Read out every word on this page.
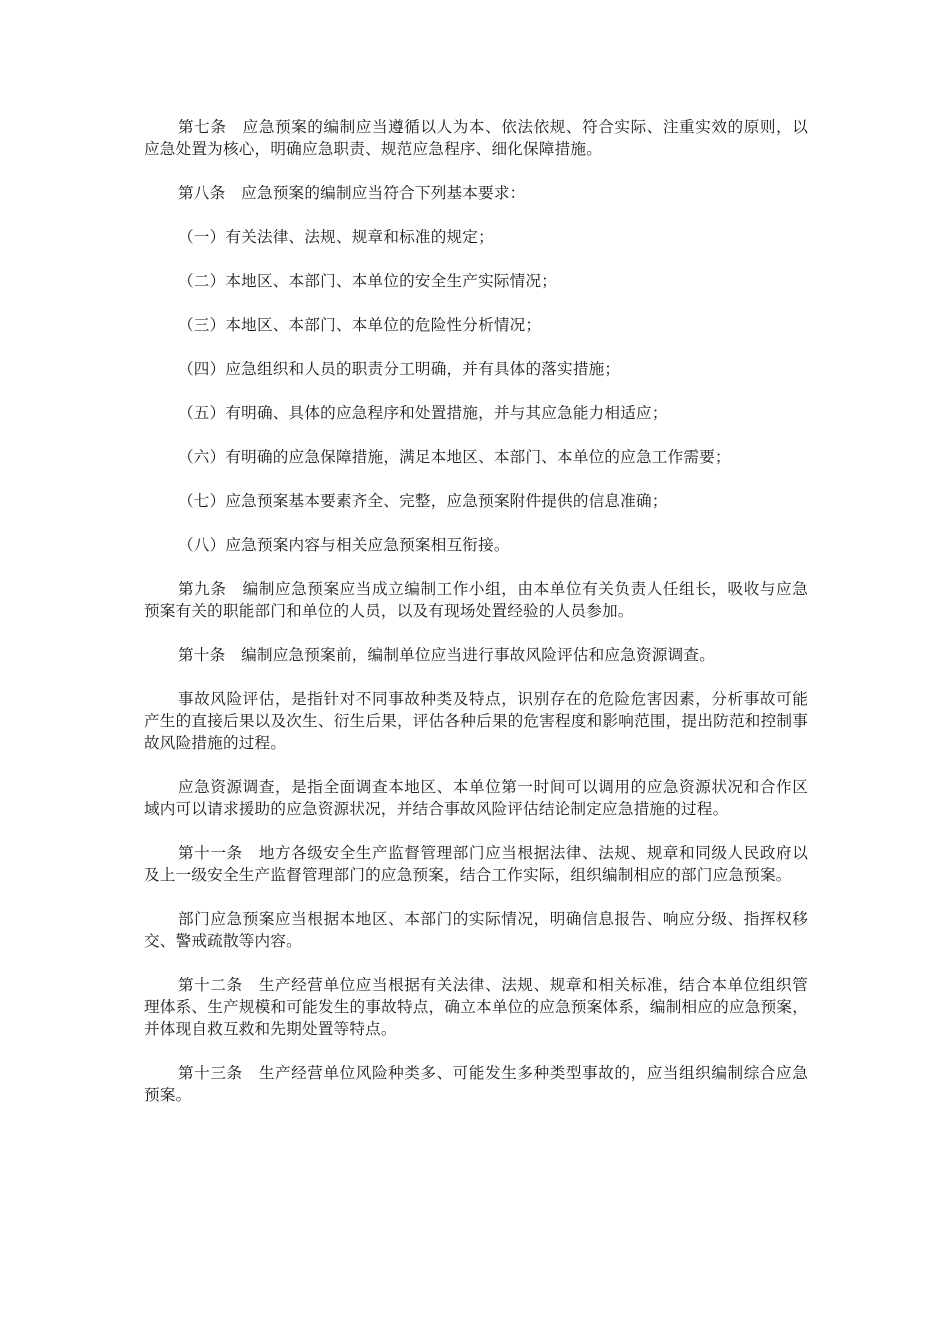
第七条　应急预案的编制应当遵循以人为本、依法依规、符合实际、注重实效的原则，以应急处置为核心，明确应急职责、规范应急程序、细化保障措施。

第八条　应急预案的编制应当符合下列基本要求：

（一）有关法律、法规、规章和标准的规定；

（二）本地区、本部门、本单位的安全生产实际情况；

（三）本地区、本部门、本单位的危险性分析情况；

（四）应急组织和人员的职责分工明确，并有具体的落实措施；

（五）有明确、具体的应急程序和处置措施，并与其应急能力相适应；

（六）有明确的应急保障措施，满足本地区、本部门、本单位的应急工作需要；

（七）应急预案基本要素齐全、完整，应急预案附件提供的信息准确；

（八）应急预案内容与相关应急预案相互衔接。

第九条　编制应急预案应当成立编制工作小组，由本单位有关负责人任组长，吸收与应急预案有关的职能部门和单位的人员，以及有现场处置经验的人员参加。

第十条　编制应急预案前，编制单位应当进行事故风险评估和应急资源调查。

事故风险评估，是指针对不同事故种类及特点，识别存在的危险危害因素，分析事故可能产生的直接后果以及次生、衍生后果，评估各种后果的危害程度和影响范围，提出防范和控制事故风险措施的过程。

应急资源调查，是指全面调查本地区、本单位第一时间可以调用的应急资源状况和合作区域内可以请求援助的应急资源状况，并结合事故风险评估结论制定应急措施的过程。

第十一条　地方各级安全生产监督管理部门应当根据法律、法规、规章和同级人民政府以及上一级安全生产监督管理部门的应急预案，结合工作实际，组织编制相应的部门应急预案。

部门应急预案应当根据本地区、本部门的实际情况，明确信息报告、响应分级、指挥权移交、警戒疏散等内容。

第十二条　生产经营单位应当根据有关法律、法规、规章和相关标准，结合本单位组织管理体系、生产规模和可能发生的事故特点，确立本单位的应急预案体系，编制相应的应急预案，并体现自救互救和先期处置等特点。

第十三条　生产经营单位风险种类多、可能发生多种类型事故的，应当组织编制综合应急预案。
